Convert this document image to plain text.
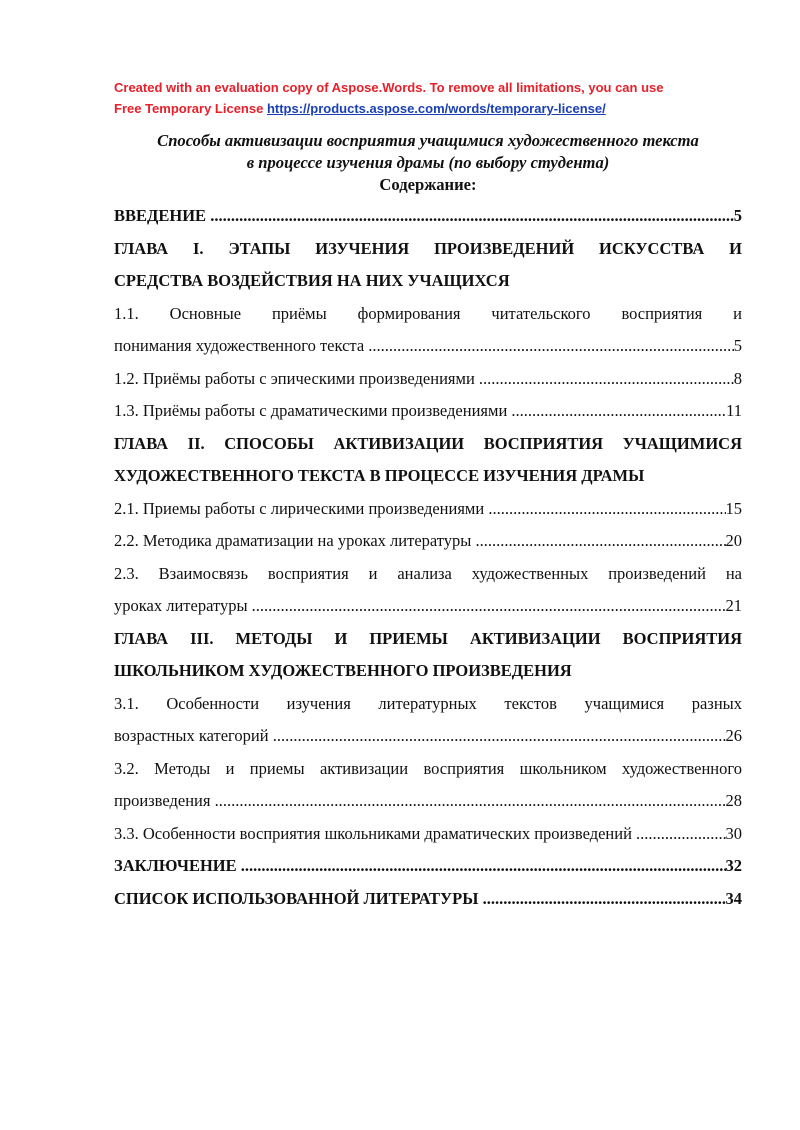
Created with an evaluation copy of Aspose.Words. To remove all limitations, you can use
Free Temporary License https://products.aspose.com/words/temporary-license/
Способы активизации восприятия учащимися художественного текста
в процессе изучения драмы (по выбору студента)
Содержание:
ВВЕДЕНИЕ .....	5
ГЛАВА I. ЭТАПЫ ИЗУЧЕНИЯ ПРОИЗВЕДЕНИЙ ИСКУССТВА И
СРЕДСТВА ВОЗДЕЙСТВИЯ НА НИХ УЧАЩИХСЯ
1.1. Основные приёмы формирования читательского восприятия и
понимания художественного текста .....	5
1.2. Приёмы работы с эпическими произведениями .....	8
1.3. Приёмы работы с драматическими произведениями .....	11
ГЛАВА II. СПОСОБЫ АКТИВИЗАЦИИ ВОСПРИЯТИЯ УЧАЩИМИСЯ
ХУДОЖЕСТВЕННОГО ТЕКСТА В ПРОЦЕССЕ ИЗУЧЕНИЯ ДРАМЫ
2.1. Приемы работы с лирическими произведениями .....	15
2.2. Методика драматизации на уроках литературы .....	20
2.3. Взаимосвязь восприятия и анализа художественных произведений на
уроках литературы .....	21
ГЛАВА III. МЕТОДЫ И ПРИЕМЫ АКТИВИЗАЦИИ ВОСПРИЯТИЯ
ШКОЛЬНИКОМ ХУДОЖЕСТВЕННОГО ПРОИЗВЕДЕНИЯ
3.1. Особенности изучения литературных текстов учащимися разных
возрастных категорий .....	26
3.2. Методы и приемы активизации восприятия школьником художественного
произведения .....	28
3.3. Особенности восприятия школьниками драматических произведений .....	30
ЗАКЛЮЧЕНИЕ .....	32
СПИСОК ИСПОЛЬЗОВАННОЙ ЛИТЕРАТУРЫ .....	34
